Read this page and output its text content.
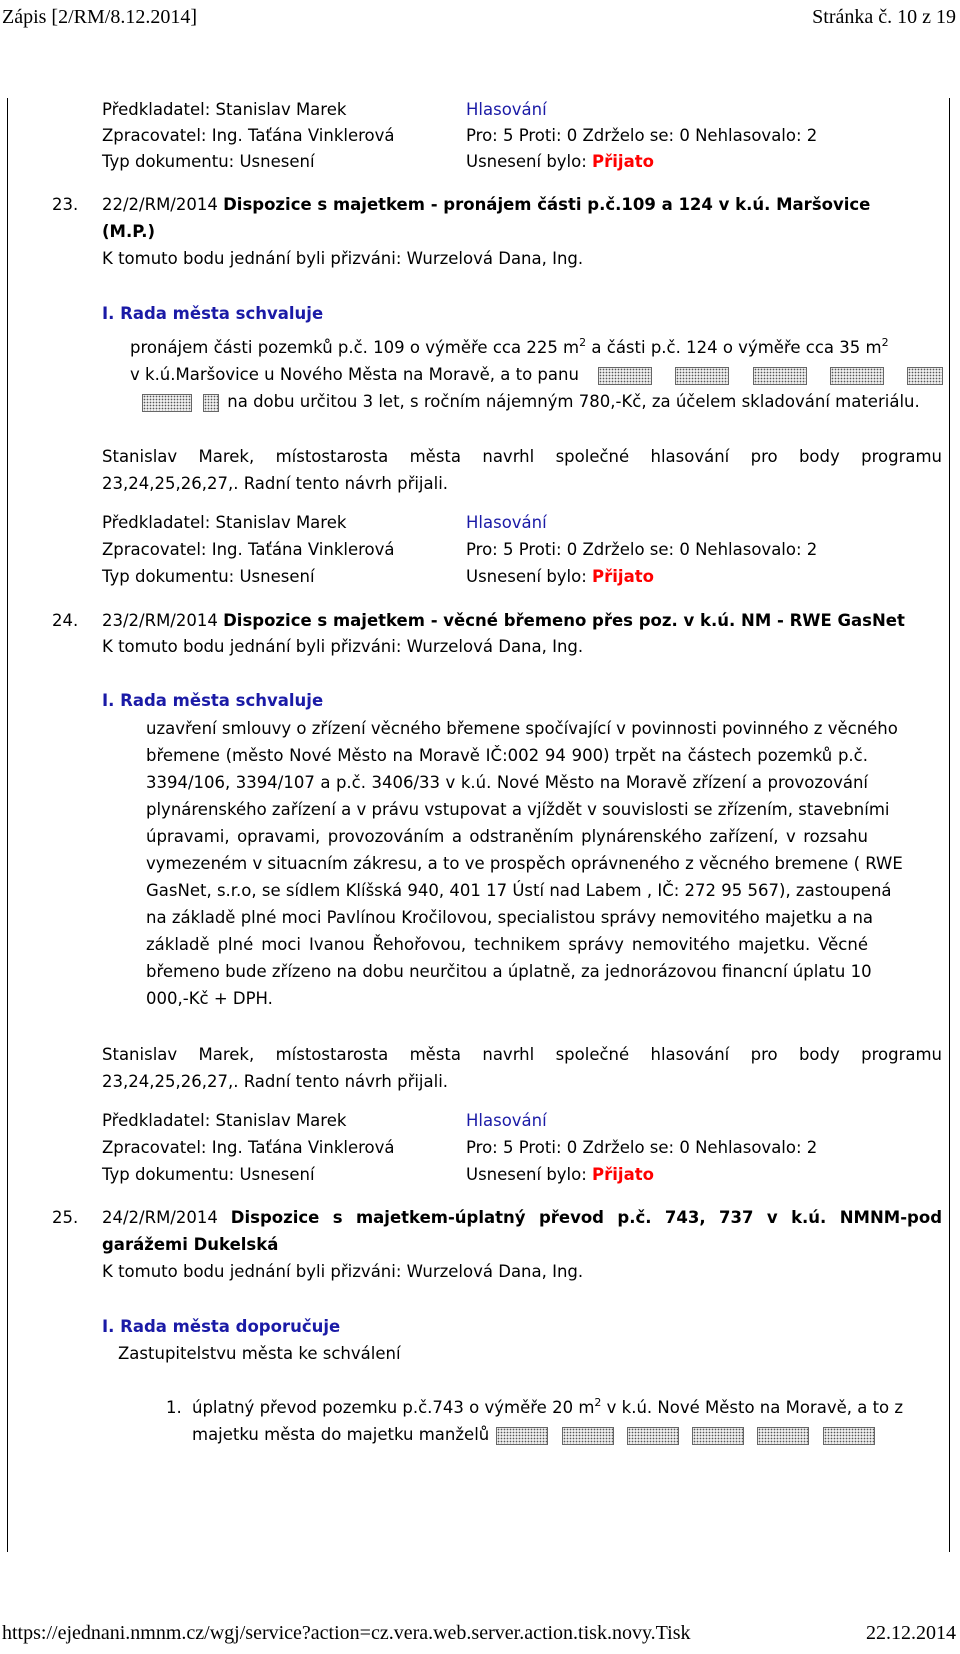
Zápis [2/RM/8.12.2014]	Stránka č. 10 z 19
Předkladatel: Stanislav Marek	Hlasování
Zpracovatel: Ing. Taťána Vinklerová	Pro: 5 Proti: 0 Zdrželo se: 0 Nehlasovalo: 2
Typ dokumentu: Usnesení	Usnesení bylo: Přijato
23. 22/2/RM/2014 Dispozice s majetkem - pronájem části p.č.109 a 124 v k.ú. Maršovice
(M.P.)
K tomuto bodu jednání byli přizváni: Wurzelová Dana, Ing.
I. Rada města schvaluje
pronájem části pozemků p.č. 109 o výměře cca 225 $m^2$ a části p.č. 124 o výměře cca 35 $m^2$
v k.ú.Maršovice u Nového Města na Moravě, a to panu
na dobu určitou 3 let, s ročním nájemným 780,-Kč, za účelem skladování materiálu.
Stanislav Marek, místostarosta města navrhl společné hlasování pro body programu
23,24,25,26,27,. Radní tento návrh přijali.
Předkladatel: Stanislav Marek	Hlasování
Zpracovatel: Ing. Taťána Vinklerová	Pro: 5 Proti: 0 Zdrželo se: 0 Nehlasovalo: 2
Typ dokumentu: Usnesení	Usnesení bylo: Přijato
24. 23/2/RM/2014 Dispozice s majetkem - věcné břemeno přes poz. v k.ú. NM - RWE GasNet
K tomuto bodu jednání byli přizváni: Wurzelová Dana, Ing.
I. Rada města schvaluje
uzavření smlouvy o zřízení věcného břemene spočívající v povinnosti povinného z věcného
břemene (město Nové Město na Moravě IČ:002 94 900) trpět na částech pozemků p.č.
3394/106, 3394/107 a p.č. 3406/33 v k.ú. Nové Město na Moravě zřízení a provozování
plynárenského zařízení a v právu vstupovat a vjíždět v souvislosti se zřízením, stavebními
úpravami, opravami, provozováním a odstraněním plynárenského zařízení, v rozsahu
vymezeném v situacním zákresu, a to ve prospěch oprávneného z věcného bremene ( RWE
GasNet, s.r.o, se sídlem Klíšská 940, 401 17 Ústí nad Labem , IČ: 272 95 567), zastoupená
na základě plné moci Pavlínou Kročilovou, specialistou správy nemovitého majetku a na
základě plné moci Ivanou Řehořovou, technikem správy nemovitého majetku. Věcné
břemeno bude zřízeno na dobu neurčitou a úplatně, za jednorázovou financní úplatu 10
000,-Kč + DPH.
Stanislav Marek, místostarosta města navrhl společné hlasování pro body programu
23,24,25,26,27,. Radní tento návrh přijali.
Předkladatel: Stanislav Marek	Hlasování
Zpracovatel: Ing. Taťána Vinklerová	Pro: 5 Proti: 0 Zdrželo se: 0 Nehlasovalo: 2
Typ dokumentu: Usnesení	Usnesení bylo: Přijato
25. 24/2/RM/2014 Dispozice s majetkem-úplatný převod p.č. 743, 737 v k.ú. NMNM-pod
garážemi Dukelská
K tomuto bodu jednání byli přizváni: Wurzelová Dana, Ing.
I. Rada města doporučuje
Zastupitelstvu města ke schválení
1. úplatný převod pozemku p.č.743 o výměře 20 $m^2$ v k.ú. Nové Město na Moravě, a to z
majetku města do majetku manželů
https://ejednani.nmnm.cz/wgj/service?action=cz.vera.web.server.action.tisk.novy.Tisk	22.12.2014
